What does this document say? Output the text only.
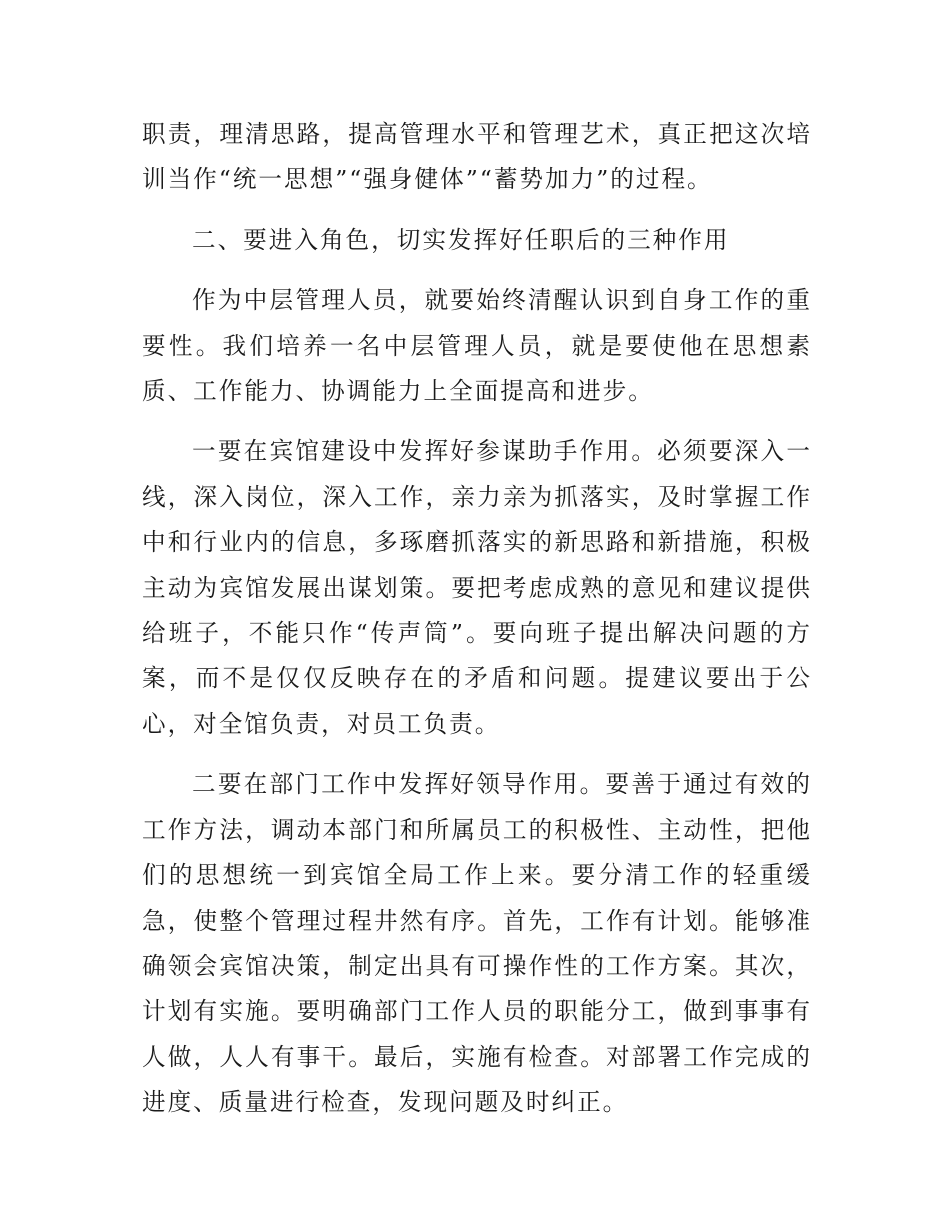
职责，理清思路，提高管理水平和管理艺术，真正把这次培训当作“统一思想”“强身健体”“蓄势加力”的过程。

二、要进入角色，切实发挥好任职后的三种作用

作为中层管理人员，就要始终清醒认识到自身工作的重要性。我们培养一名中层管理人员，就是要使他在思想素质、工作能力、协调能力上全面提高和进步。

一要在宾馆建设中发挥好参谋助手作用。必须要深入一线，深入岗位，深入工作，亲力亲为抓落实，及时掌握工作中和行业内的信息，多琢磨抓落实的新思路和新措施，积极主动为宾馆发展出谋划策。要把考虑成熟的意见和建议提供给班子，不能只作“传声筒”。要向班子提出解决问题的方案，而不是仅仅反映存在的矛盾和问题。提建议要出于公心，对全馆负责，对员工负责。

二要在部门工作中发挥好领导作用。要善于通过有效的工作方法，调动本部门和所属员工的积极性、主动性，把他们的思想统一到宾馆全局工作上来。要分清工作的轻重缓急，使整个管理过程井然有序。首先，工作有计划。能够准确领会宾馆决策，制定出具有可操作性的工作方案。其次，计划有实施。要明确部门工作人员的职能分工，做到事事有人做，人人有事干。最后，实施有检查。对部署工作完成的进度、质量进行检查，发现问题及时纠正。
